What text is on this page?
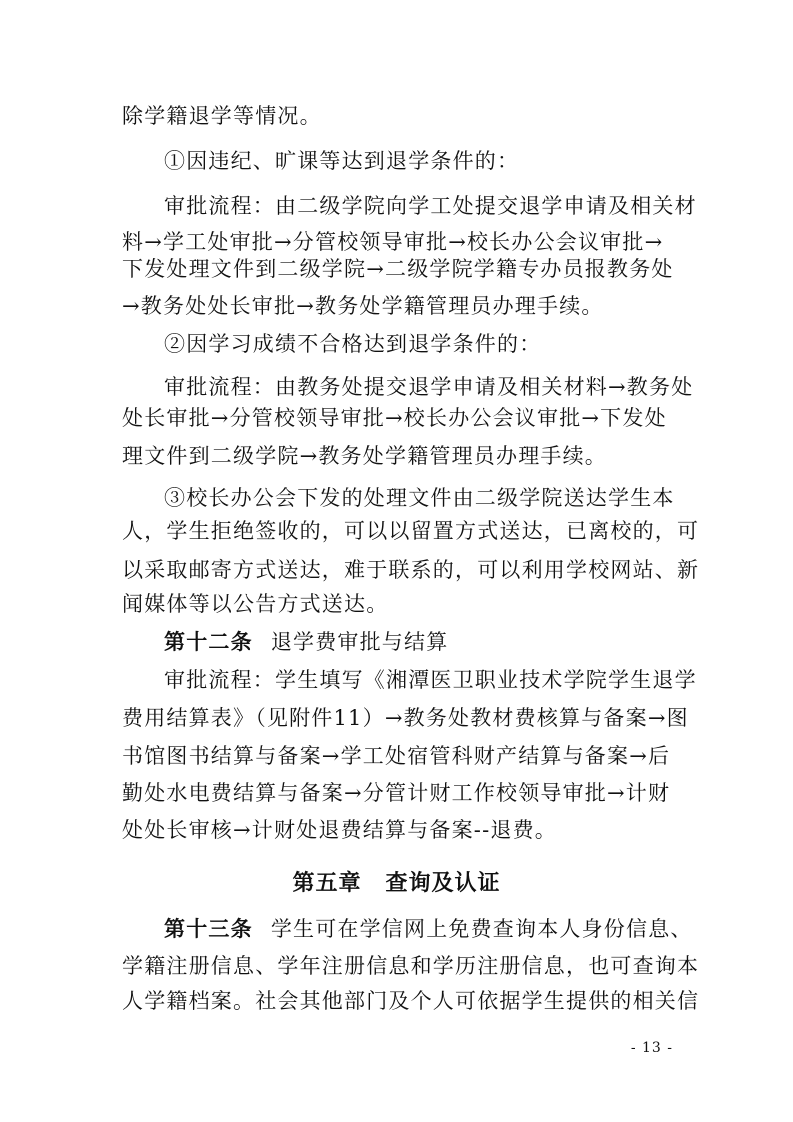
除学籍退学等情况。
①因违纪、旷课等达到退学条件的：
审批流程：由二级学院向学工处提交退学申请及相关材
料→学工处审批→分管校领导审批→校长办公会议审批→
下发处理文件到二级学院→二级学院学籍专办员报教务处
→教务处处长审批→教务处学籍管理员办理手续。
②因学习成绩不合格达到退学条件的：
审批流程：由教务处提交退学申请及相关材料→教务处
处长审批→分管校领导审批→校长办公会议审批→下发处
理文件到二级学院→教务处学籍管理员办理手续。
③校长办公会下发的处理文件由二级学院送达学生本
人，学生拒绝签收的，可以以留置方式送达，已离校的，可
以采取邮寄方式送达，难于联系的，可以利用学校网站、新
闻媒体等以公告方式送达。
第十二条 退学费审批与结算
审批流程：学生填写《湘潭医卫职业技术学院学生退学
费用结算表》（见附件11）→教务处教材费核算与备案→图
书馆图书结算与备案→学工处宿管科财产结算与备案→后
勤处水电费结算与备案→分管计财工作校领导审批→计财
处处长审核→计财处退费结算与备案--退费。
第五章 查询及认证
第十三条 学生可在学信网上免费查询本人身份信息、
学籍注册信息、学年注册信息和学历注册信息，也可查询本
人学籍档案。社会其他部门及个人可依据学生提供的相关信
- 13 -
